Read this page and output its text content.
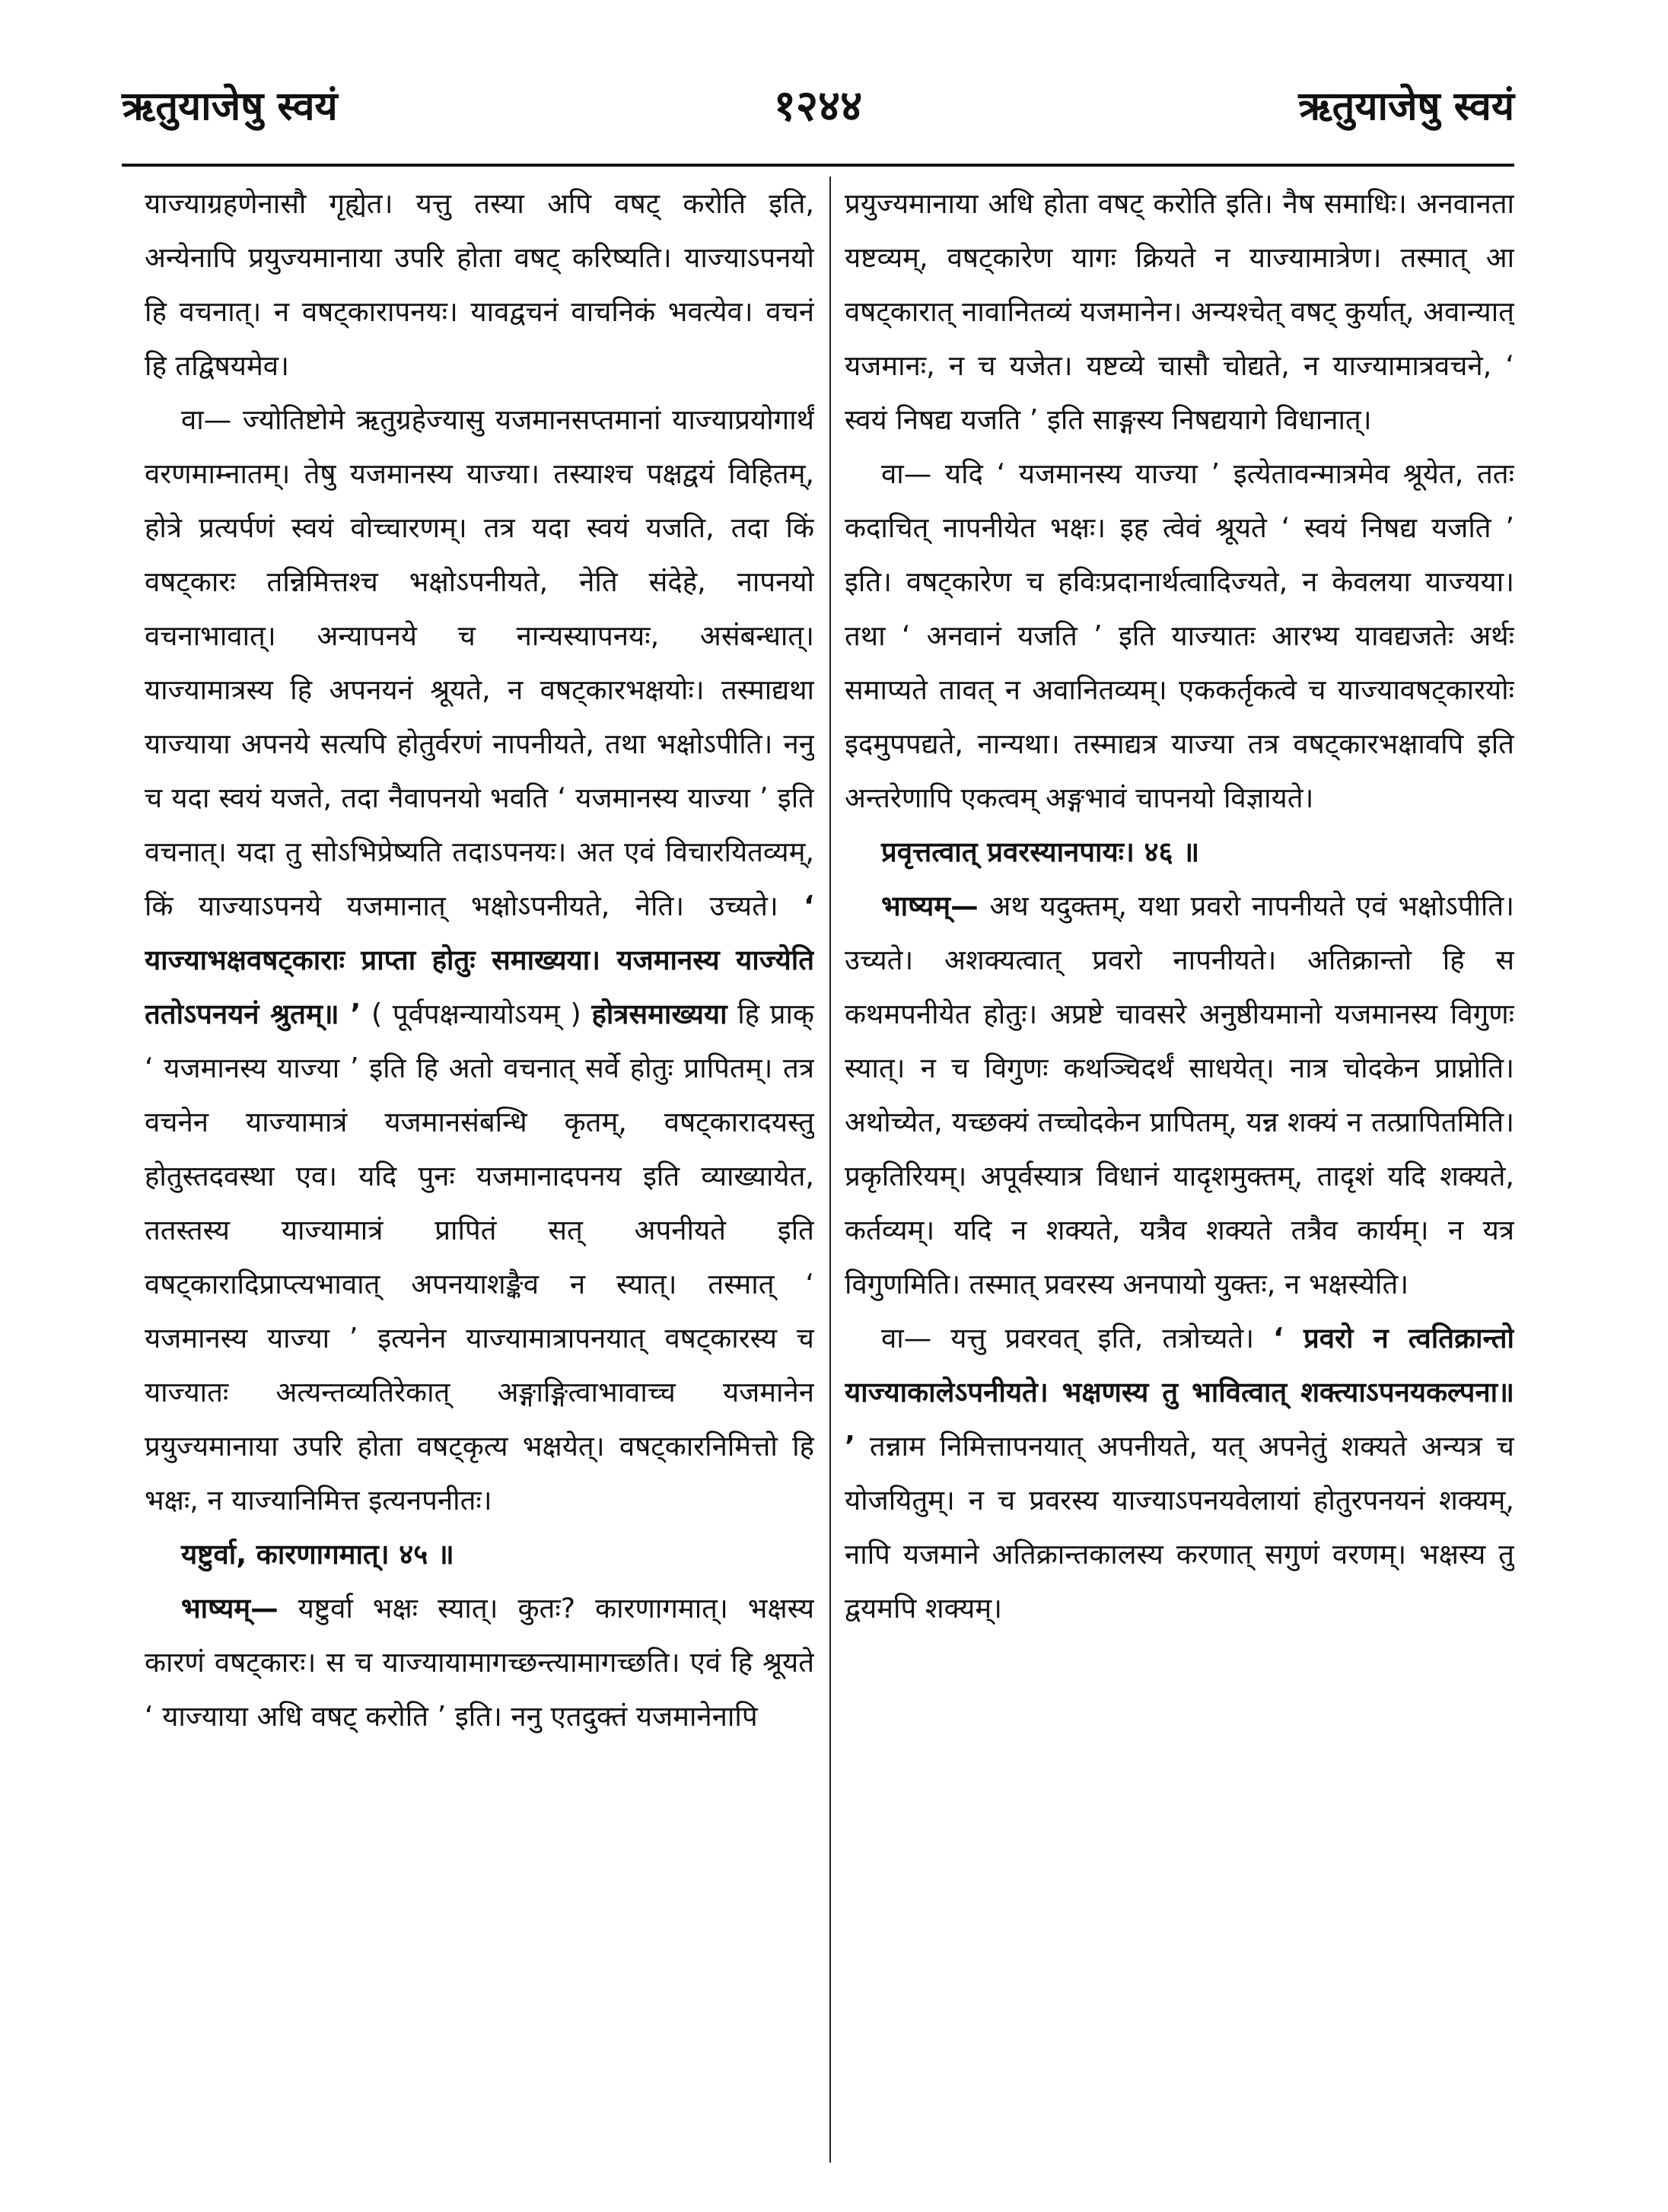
ऋतुयाजेषु स्वयं	१२४४	ऋतुयाजेषु स्वयं

याज्याग्रहणेनासौ गृह्येत। यत्तु तस्या अपि वषट् करोति इति, अन्येनापि प्रयुज्यमानाया उपरि होता वषट् करिष्यति। याज्याऽपनयो हि वचनात्। न वषट्कारापनयः। यावद्वचनं वाचनिकं भवत्येव। वचनं हि तद्विषयमेव।

वा— ज्योतिष्टोमे ऋतुग्रहेज्यासु यजमानसप्तमानां याज्याप्रयोगार्थं वरणमाम्नातम्। तेषु यजमानस्य याज्या। तस्याश्च पक्षद्वयं विहितम्, होत्रे प्रत्यर्पणं स्वयं वोच्चारणम्। तत्र यदा स्वयं यजति, तदा किं वषट्कारः तन्निमित्तश्च भक्षोऽपनीयते, नेति संदेहे, नापनयो वचनाभावात्। अन्यापनये च नान्यस्यापनयः, असंबन्धात्। याज्यामात्रस्य हि अपनयनं श्रूयते, न वषट्कारभक्षयोः। तस्माद्यथा याज्याया अपनये सत्यपि होतुर्वरणं नापनीयते, तथा भक्षोऽपीति। ननु च यदा स्वयं यजते, तदा नैवापनयो भवति ‘ यजमानस्य याज्या ’ इति वचनात्। यदा तु सोऽभिप्रेष्यति तदाऽपनयः। अत एवं विचारयितव्यम्, किं याज्याऽपनये यजमानात् भक्षोऽपनीयते, नेति। उच्यते। ‘ याज्याभक्षवषट्काराः प्राप्ता होतुः समाख्यया। यजमानस्य याज्येति ततोऽपनयनं श्रुतम्॥ ’ ( पूर्वपक्षन्यायोऽयम् ) होत्रसमाख्यया हि प्राक् ‘ यजमानस्य याज्या ’ इति हि अतो वचनात् सर्वे होतुः प्रापितम्। तत्र वचनेन याज्यामात्रं यजमानसंबन्धि कृतम्, वषट्कारादयस्तु होतुस्तदवस्था एव। यदि पुनः यजमानादपनय इति व्याख्यायेत, ततस्तस्य याज्यामात्रं प्रापितं सत् अपनीयते इति वषट्कारादिप्राप्त्यभावात् अपनयाशङ्कैव न स्यात्। तस्मात् ‘ यजमानस्य याज्या ’ इत्यनेन याज्यामात्रापनयात् वषट्कारस्य च याज्यातः अत्यन्तव्यतिरेकात् अङ्गाङ्गित्वाभावाच्च यजमानेन प्रयुज्यमानाया उपरि होता वषट्कृत्य भक्षयेत्। वषट्कारनिमित्तो हि भक्षः, न याज्यानिमित्त इत्यनपनीतः।

यष्टुर्वा, कारणागमात्। ४५ ॥

भाष्यम्— यष्टुर्वा भक्षः स्यात्। कुतः? कारणागमात्। भक्षस्य कारणं वषट्कारः। स च याज्यायामागच्छन्त्यामागच्छति। एवं हि श्रूयते ‘ याज्याया अधि वषट् करोति ’ इति। ननु एतदुक्तं यजमानेनापि

प्रयुज्यमानाया अधि होता वषट् करोति इति। नैष समाधिः। अनवानता यष्टव्यम्, वषट्कारेण यागः क्रियते न याज्यामात्रेण। तस्मात् आ वषट्कारात् नावानितव्यं यजमानेन। अन्यश्चेत् वषट् कुर्यात्, अवान्यात् यजमानः, न च यजेत। यष्टव्ये चासौ चोद्यते, न याज्यामात्रवचने, ‘ स्वयं निषद्य यजति ’ इति साङ्गस्य निषद्ययागे विधानात्।

वा— यदि ‘ यजमानस्य याज्या ’ इत्येतावन्मात्रमेव श्रूयेत, ततः कदाचित् नापनीयेत भक्षः। इह त्वेवं श्रूयते ‘ स्वयं निषद्य यजति ’ इति। वषट्कारेण च हविःप्रदानार्थत्वादिज्यते, न केवलया याज्यया। तथा ‘ अनवानं यजति ’ इति याज्यातः आरभ्य यावद्यजतेः अर्थः समाप्यते तावत् न अवानितव्यम्। एककर्तृकत्वे च याज्यावषट्कारयोः इदमुपपद्यते, नान्यथा। तस्माद्यत्र याज्या तत्र वषट्कारभक्षावपि इति अन्तरेणापि एकत्वम् अङ्गभावं चापनयो विज्ञायते।

प्रवृत्तत्वात् प्रवरस्यानपायः। ४६ ॥

भाष्यम्— अथ यदुक्तम्, यथा प्रवरो नापनीयते एवं भक्षोऽपीति। उच्यते। अशक्यत्वात् प्रवरो नापनीयते। अतिक्रान्तो हि स कथमपनीयेत होतुः। अप्रष्टे चावसरे अनुष्ठीयमानो यजमानस्य विगुणः स्यात्। न च विगुणः कथञ्चिदर्थं साधयेत्। नात्र चोदकेन प्राप्नोति। अथोच्येत, यच्छक्यं तच्चोदकेन प्रापितम्, यन्न शक्यं न तत्प्रापितमिति। प्रकृतिरियम्। अपूर्वस्यात्र विधानं यादृशमुक्तम्, तादृशं यदि शक्यते, कर्तव्यम्। यदि न शक्यते, यत्रैव शक्यते तत्रैव कार्यम्। न यत्र विगुणमिति। तस्मात् प्रवरस्य अनपायो युक्तः, न भक्षस्येति।

वा— यत्तु प्रवरवत् इति, तत्रोच्यते। ‘ प्रवरो न त्वतिक्रान्तो याज्याकालेऽपनीयते। भक्षणस्य तु भावित्वात् शक्त्याऽपनयकल्पना॥ ’ तन्नाम निमित्तापनयात् अपनीयते, यत् अपनेतुं शक्यते अन्यत्र च योजयितुम्। न च प्रवरस्य याज्याऽपनयवेलायां होतुरपनयनं शक्यम्, नापि यजमाने अतिक्रान्तकालस्य करणात् सगुणं वरणम्। भक्षस्य तु द्वयमपि शक्यम्।
